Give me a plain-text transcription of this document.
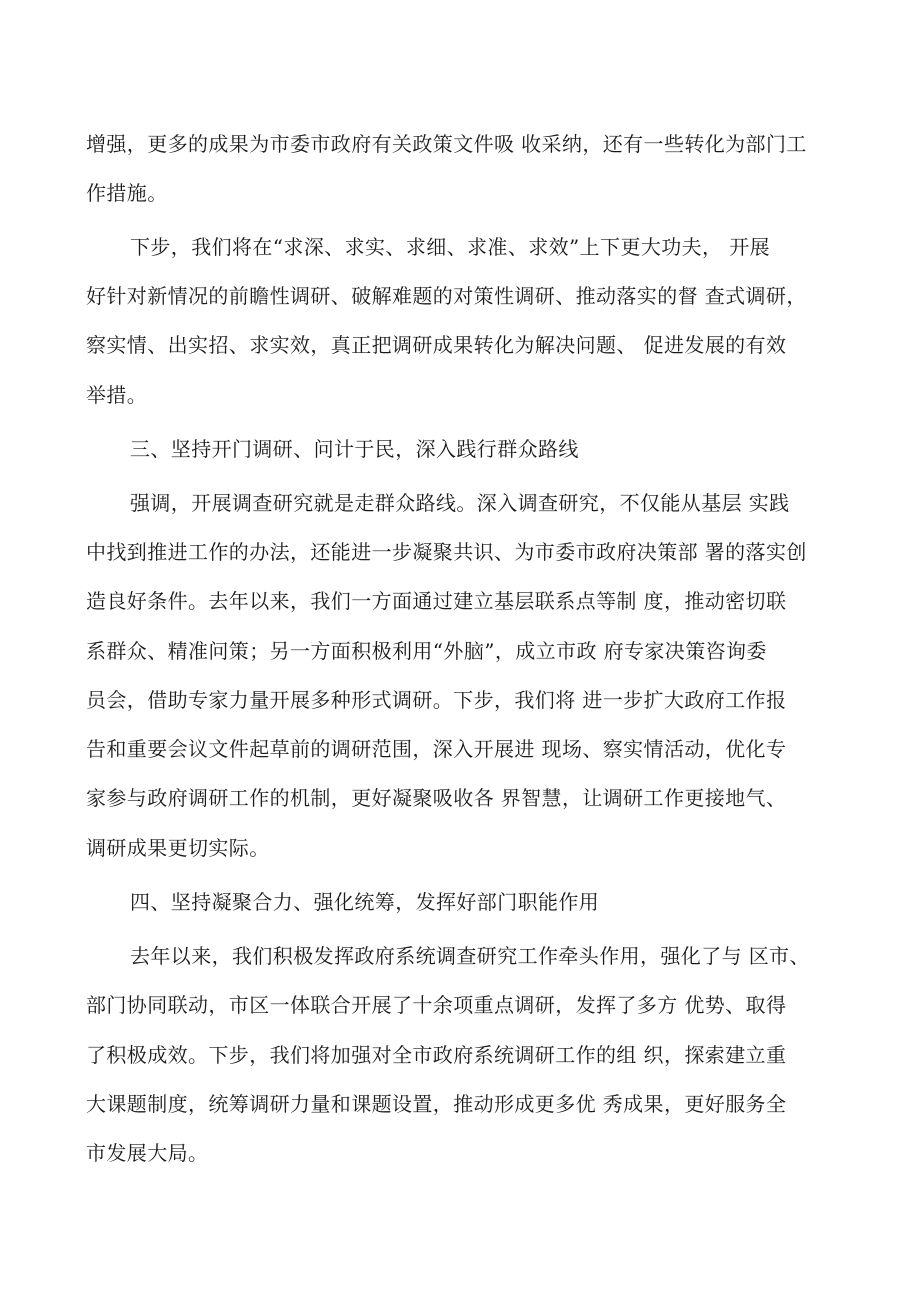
增强，更多的成果为市委市政府有关政策文件吸 收采纳，还有一些转化为部门工
作措施。
下步，我们将在“求深、求实、求细、求准、求效”上下更大功夫， 开展
好针对新情况的前瞻性调研、破解难题的对策性调研、推动落实的督 查式调研，
察实情、出实招、求实效，真正把调研成果转化为解决问题、 促进发展的有效
举措。
三、坚持开门调研、问计于民，深入践行群众路线
强调，开展调查研究就是走群众路线。深入调查研究，不仅能从基层 实践
中找到推进工作的办法，还能进一步凝聚共识、为市委市政府决策部 署的落实创
造良好条件。去年以来，我们一方面通过建立基层联系点等制 度，推动密切联
系群众、精准问策；另一方面积极利用“外脑”，成立市政 府专家决策咨询委
员会，借助专家力量开展多种形式调研。下步，我们将 进一步扩大政府工作报
告和重要会议文件起草前的调研范围，深入开展进 现场、察实情活动，优化专
家参与政府调研工作的机制，更好凝聚吸收各 界智慧，让调研工作更接地气、
调研成果更切实际。
四、坚持凝聚合力、强化统筹，发挥好部门职能作用
去年以来，我们积极发挥政府系统调查研究工作牵头作用，强化了与 区市、
部门协同联动，市区一体联合开展了十余项重点调研，发挥了多方 优势、取得
了积极成效。下步，我们将加强对全市政府系统调研工作的组 织，探索建立重
大课题制度，统筹调研力量和课题设置，推动形成更多优 秀成果，更好服务全
市发展大局。
